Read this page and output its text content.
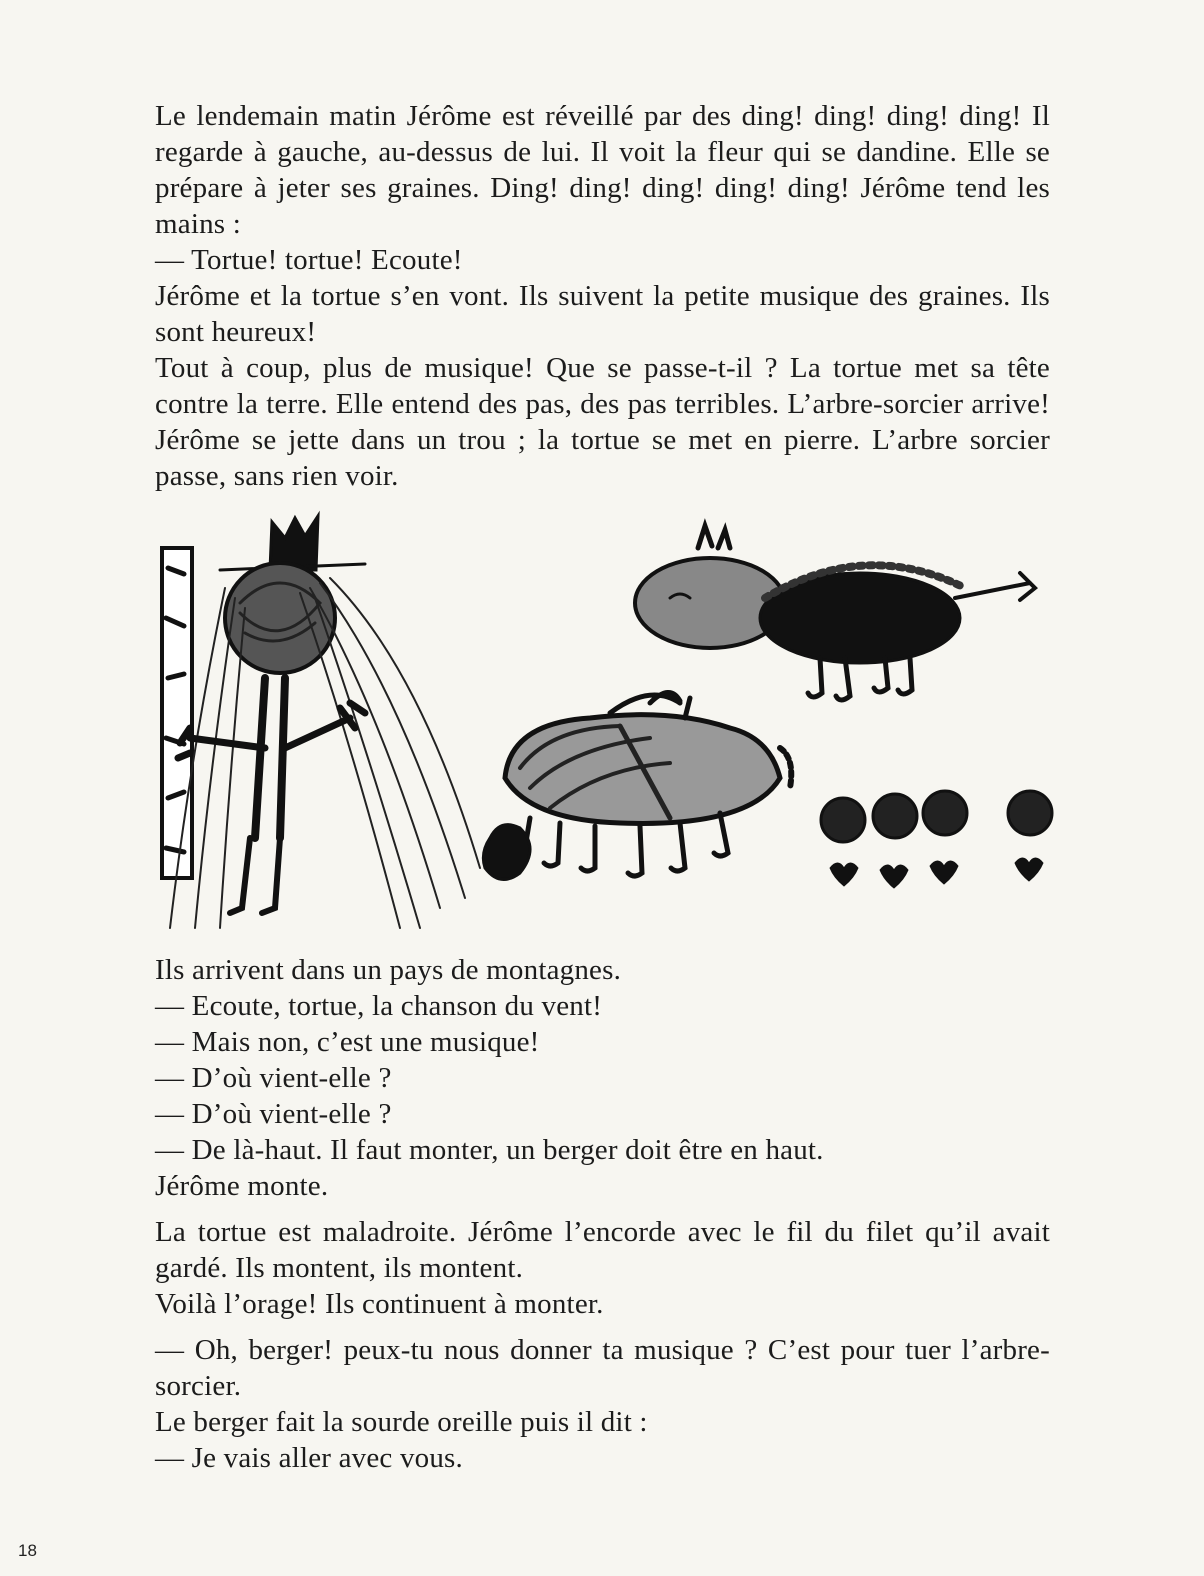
Le lendemain matin Jérôme est réveillé par des ding! ding! ding! ding! Il regarde à gauche, au-dessus de lui. Il voit la fleur qui se dandine. Elle se prépare à jeter ses graines. Ding! ding! ding! ding! ding! Jérôme tend les mains :

— Tortue! tortue! Ecoute!

Jérôme et la tortue s’en vont. Ils suivent la petite musique des graines. Ils sont heureux!

Tout à coup, plus de musique! Que se passe-t-il ? La tortue met sa tête contre la terre. Elle entend des pas, des pas terribles. L’arbre-sorcier arrive! Jérôme se jette dans un trou ; la tortue se met en pierre. L’arbre sorcier passe, sans rien voir.

Ils arrivent dans un pays de montagnes.

— Ecoute, tortue, la chanson du vent!

— Mais non, c’est une musique!

— D’où vient-elle ?

— D’où vient-elle ?

— De là-haut. Il faut monter, un berger doit être en haut.

Jérôme monte.

La tortue est maladroite. Jérôme l’encorde avec le fil du filet qu’il avait gardé. Ils montent, ils montent.

Voilà l’orage! Ils continuent à monter.

— Oh, berger! peux-tu nous donner ta musique ? C’est pour tuer l’arbre-sorcier.

Le berger fait la sourde oreille puis il dit :

— Je vais aller avec vous.

18
